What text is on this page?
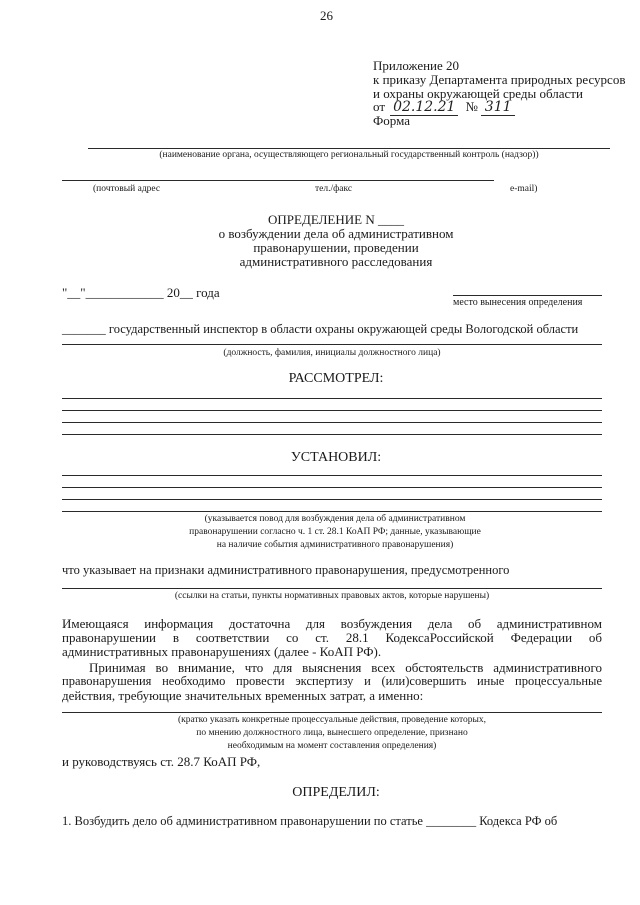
26
Приложение 20
к приказу Департамента природных ресурсов
и охраны окружающей среды области
от 02.12.21 № 311
Форма
(наименование органа, осуществляющего региональный государственный контроль (надзор))
(почтовый адрес	тел./факс	e-mail)
ОПРЕДЕЛЕНИЕ N ____
о возбуждении дела об административном
правонарушении, проведении
административного расследования
"__"____________ 20__ года
место вынесения определения
_______ государственный инспектор в области охраны окружающей среды Вологодской области
(должность, фамилия, инициалы должностного лица)
РАССМОТРЕЛ:
УСТАНОВИЛ:
(указывается повод для возбуждения дела об административном
правонарушении согласно ч. 1 ст. 28.1 КоАП РФ; данные, указывающие
на наличие события административного правонарушения)
что указывает на признаки административного правонарушения, предусмотренного
(ссылки на статьи, пункты нормативных правовых актов, которые нарушены)
Имеющаяся информация достаточна для возбуждения дела об административном
правонарушении в соответствии со ст. 28.1 КодексаРоссийской Федерации об
административных правонарушениях (далее - КоАП РФ).
Принимая во внимание, что для выяснения всех обстоятельств административного
правонарушения необходимо провести экспертизу и (или)совершить иные процессуальные
действия, требующие значительных временных затрат, а именно:
(кратко указать конкретные процессуальные действия, проведение которых,
по мнению должностного лица, вынесшего определение, признано
необходимым на момент составления определения)
и руководствуясь ст. 28.7 КоАП РФ,
ОПРЕДЕЛИЛ:
1. Возбудить дело об административном правонарушении по статье ________ Кодекса РФ об
